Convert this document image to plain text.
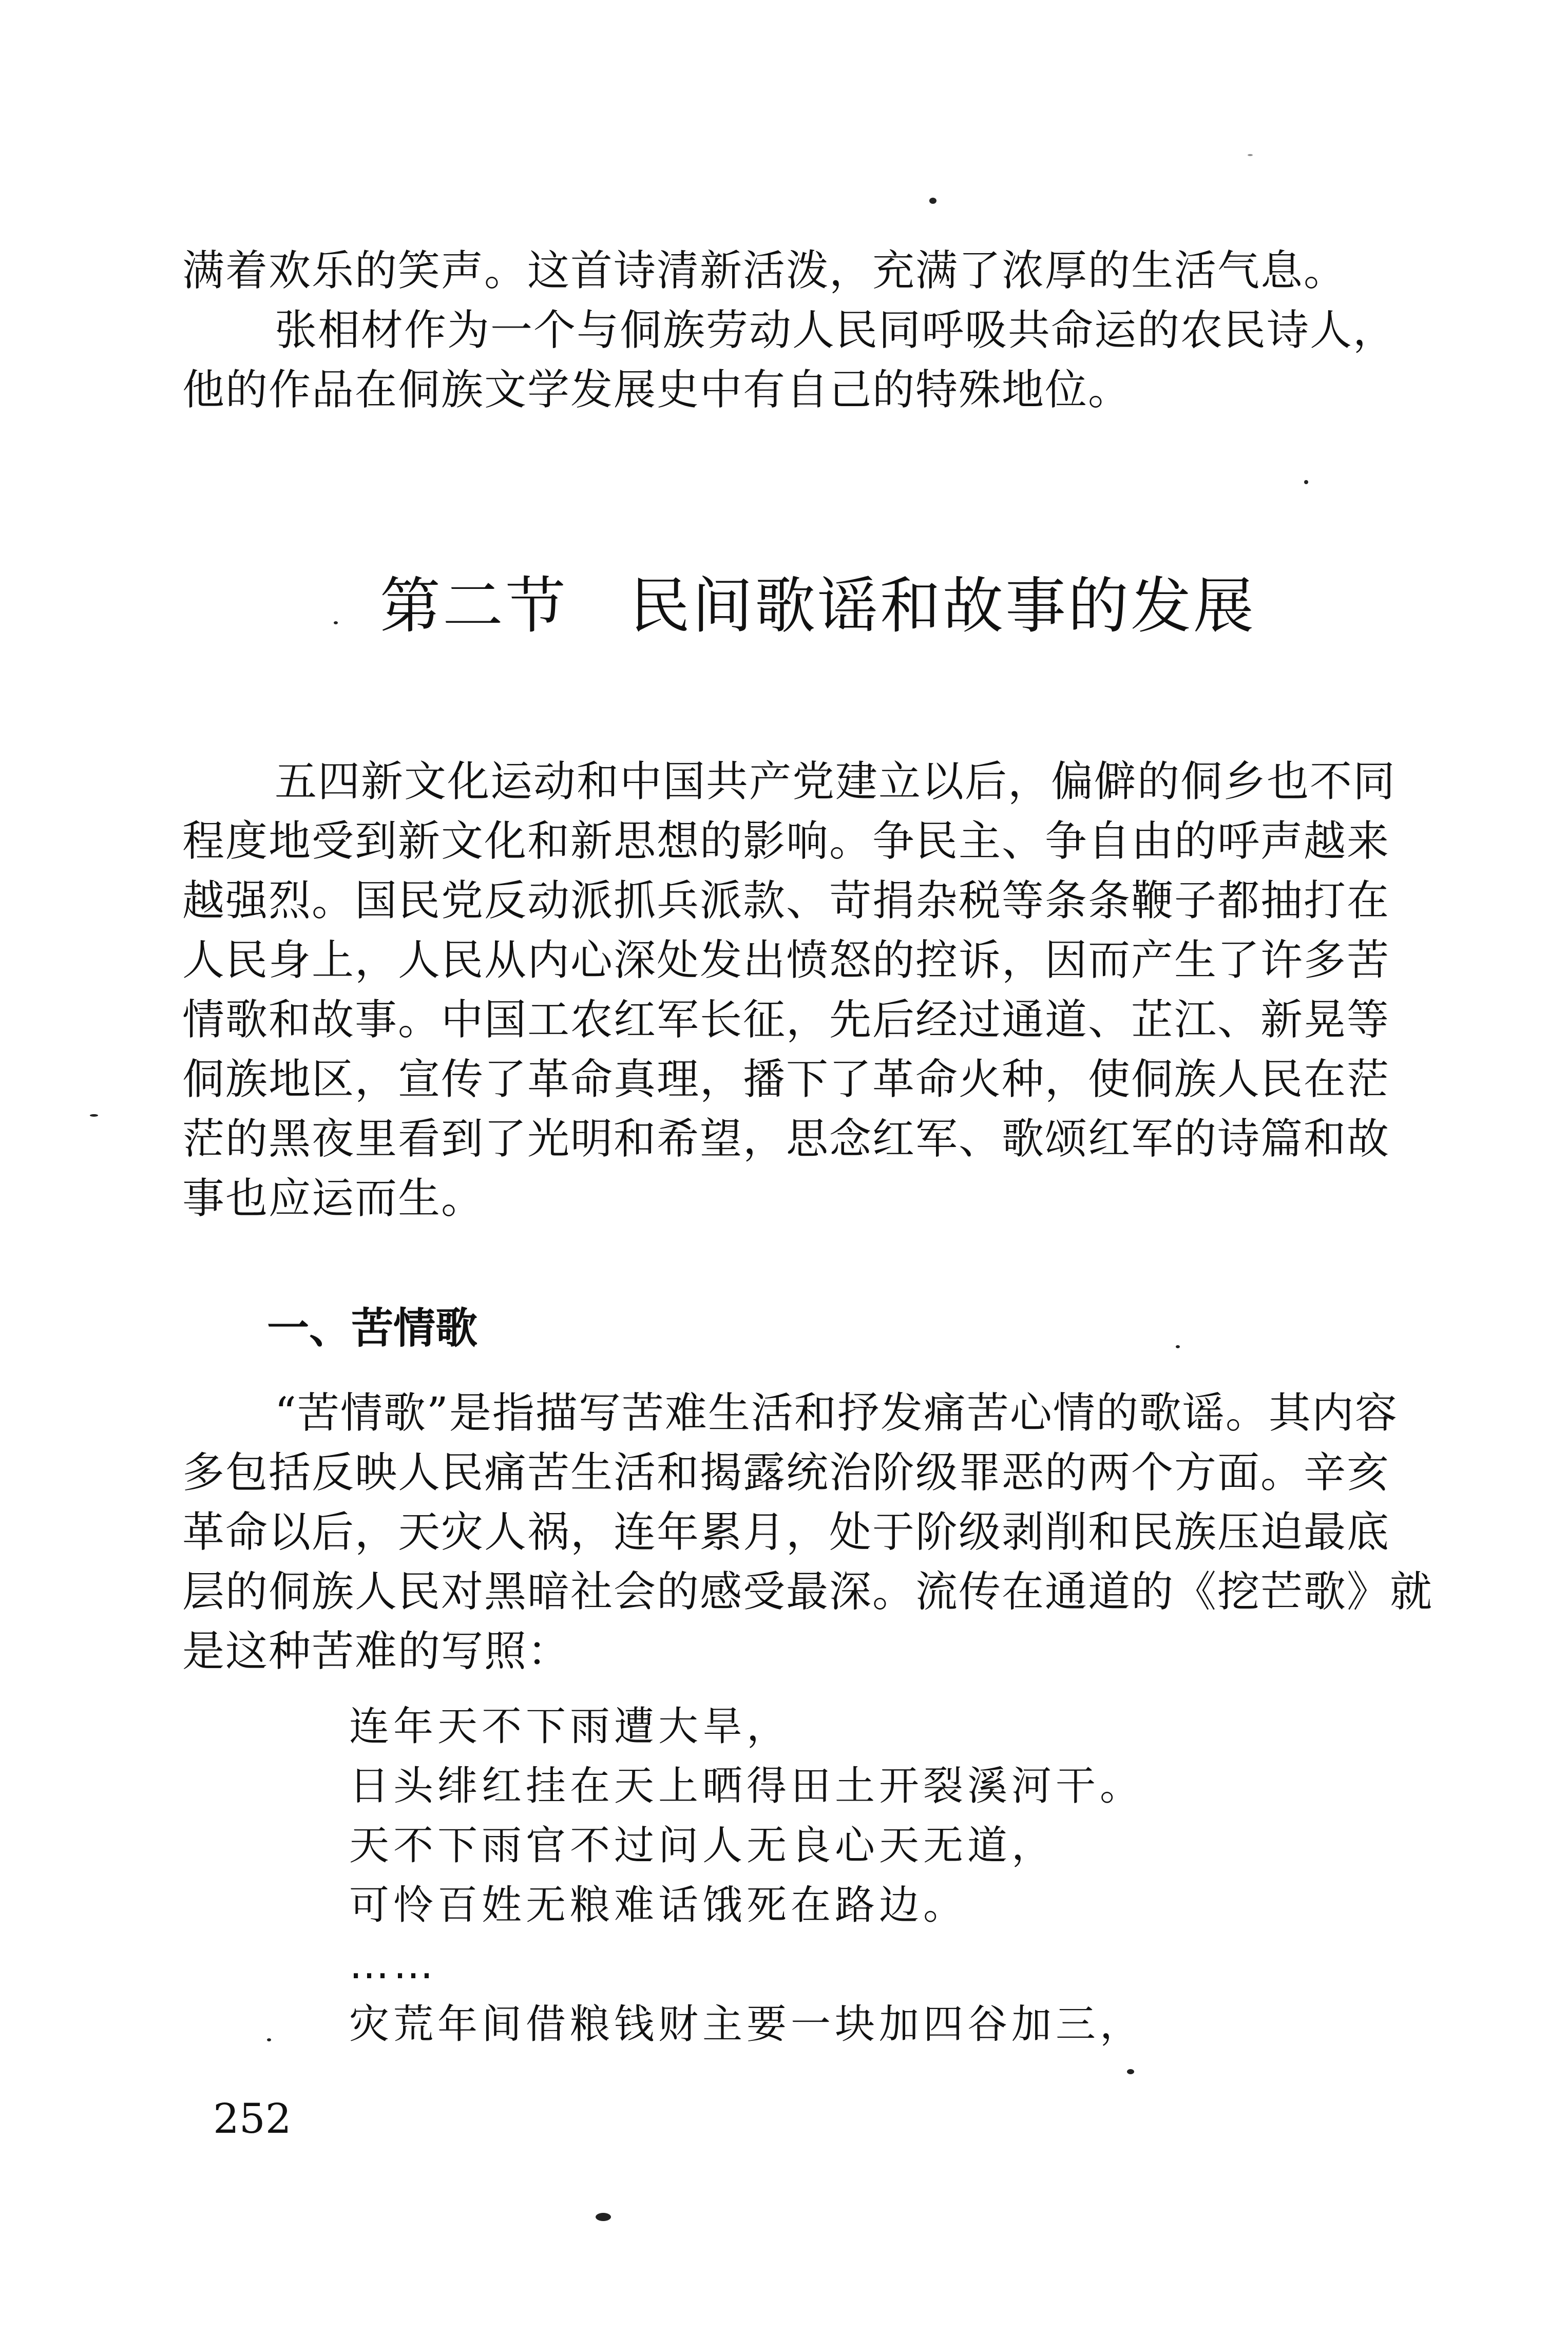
满着欢乐的笑声。这首诗清新活泼，充满了浓厚的生活气息。
张相材作为一个与侗族劳动人民同呼吸共命运的农民诗人，
他的作品在侗族文学发展史中有自己的特殊地位。
第二节 民间歌谣和故事的发展
五四新文化运动和中国共产党建立以后，偏僻的侗乡也不同
程度地受到新文化和新思想的影响。争民主、争自由的呼声越来
越强烈。国民党反动派抓兵派款、苛捐杂税等条条鞭子都抽打在
人民身上，人民从内心深处发出愤怒的控诉，因而产生了许多苦
情歌和故事。中国工农红军长征，先后经过通道、芷江、新晃等
侗族地区，宣传了革命真理，播下了革命火种，使侗族人民在茫
茫的黑夜里看到了光明和希望，思念红军、歌颂红军的诗篇和故
事也应运而生。
一、苦情歌
“苦情歌”是指描写苦难生活和抒发痛苦心情的歌谣。其内容
多包括反映人民痛苦生活和揭露统治阶级罪恶的两个方面。辛亥
革命以后，天灾人祸，连年累月，处于阶级剥削和民族压迫最底
层的侗族人民对黑暗社会的感受最深。流传在通道的《挖芒歌》就
是这种苦难的写照：
连年天不下雨遭大旱，
日头绯红挂在天上晒得田土开裂溪河干。
天不下雨官不过问人无良心天无道，
可怜百姓无粮难话饿死在路边。
……
灾荒年间借粮钱财主要一块加四谷加三，
252
